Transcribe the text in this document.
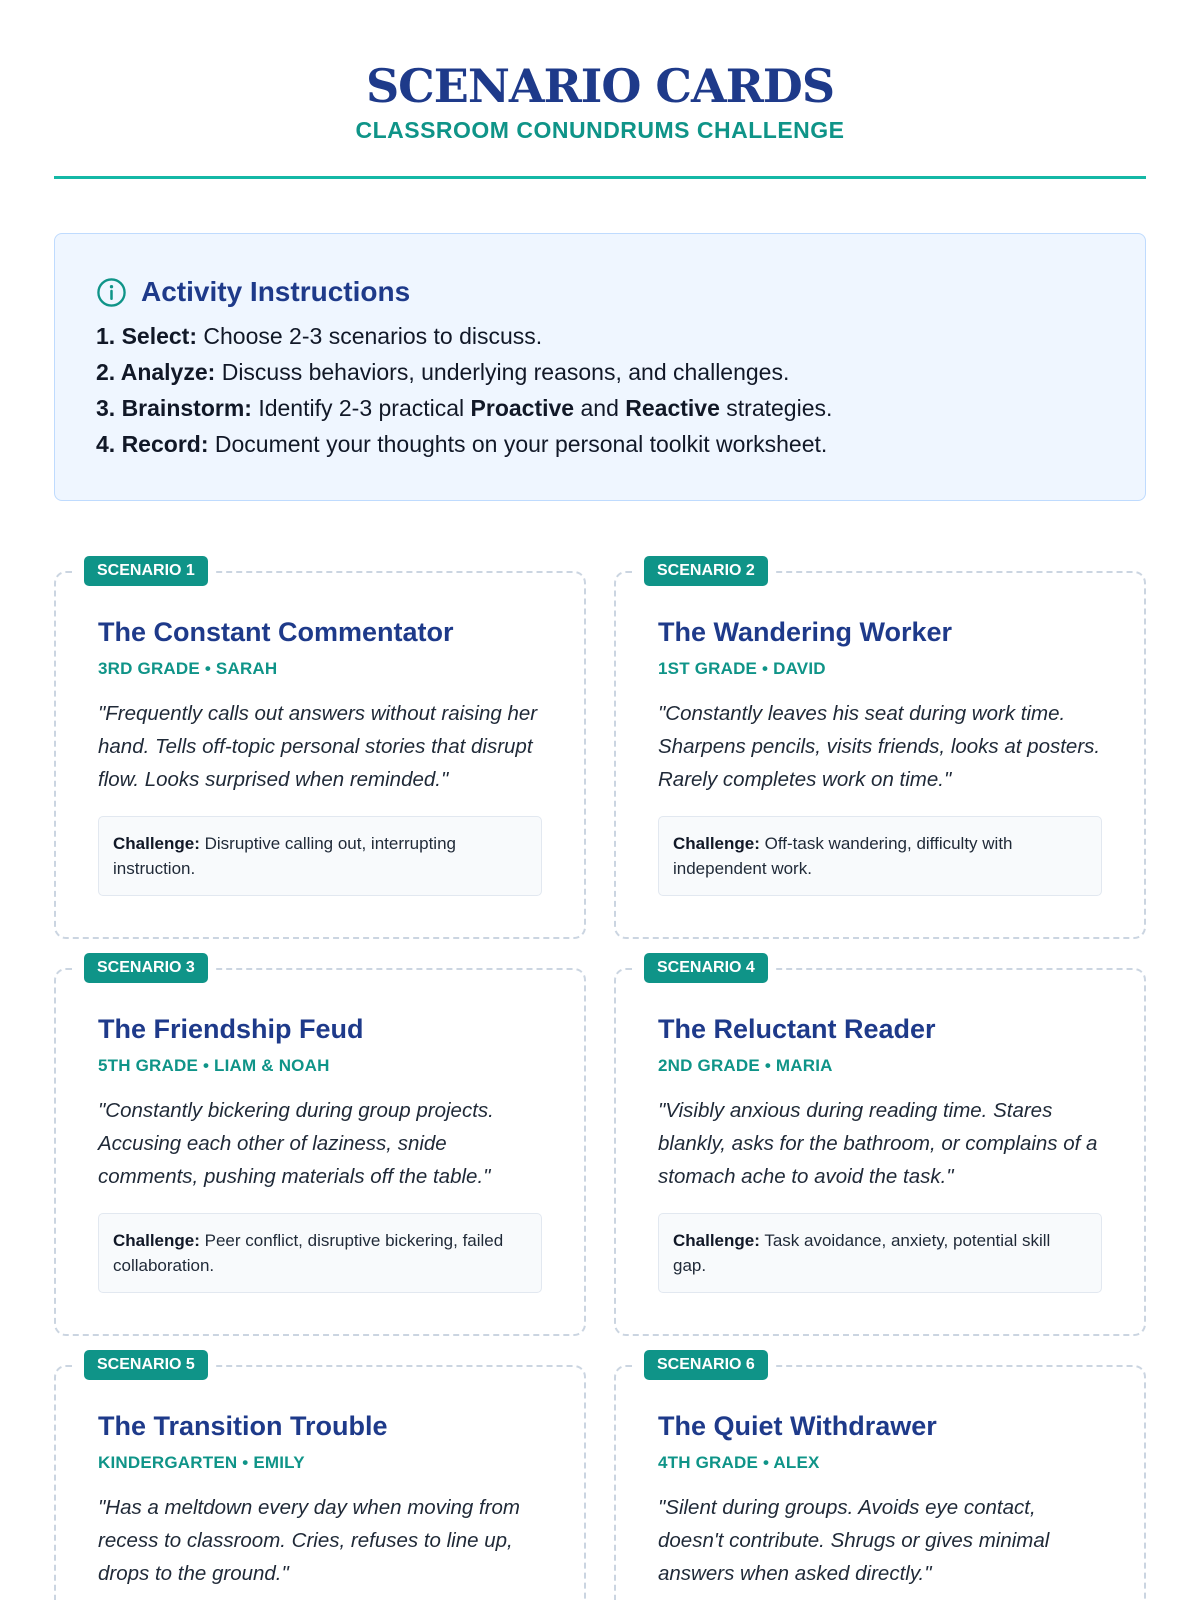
SCENARIO CARDS
CLASSROOM CONUNDRUMS CHALLENGE
Activity Instructions
1. Select: Choose 2-3 scenarios to discuss.
2. Analyze: Discuss behaviors, underlying reasons, and challenges.
3. Brainstorm: Identify 2-3 practical Proactive and Reactive strategies.
4. Record: Document your thoughts on your personal toolkit worksheet.
SCENARIO 1
The Constant Commentator
3RD GRADE • SARAH
"Frequently calls out answers without raising her hand. Tells off-topic personal stories that disrupt flow. Looks surprised when reminded."
Challenge: Disruptive calling out, interrupting instruction.
SCENARIO 2
The Wandering Worker
1ST GRADE • DAVID
"Constantly leaves his seat during work time. Sharpens pencils, visits friends, looks at posters. Rarely completes work on time."
Challenge: Off-task wandering, difficulty with independent work.
SCENARIO 3
The Friendship Feud
5TH GRADE • LIAM & NOAH
"Constantly bickering during group projects. Accusing each other of laziness, snide comments, pushing materials off the table."
Challenge: Peer conflict, disruptive bickering, failed collaboration.
SCENARIO 4
The Reluctant Reader
2ND GRADE • MARIA
"Visibly anxious during reading time. Stares blankly, asks for the bathroom, or complains of a stomach ache to avoid the task."
Challenge: Task avoidance, anxiety, potential skill gap.
SCENARIO 5
The Transition Trouble
KINDERGARTEN • EMILY
"Has a meltdown every day when moving from recess to classroom. Cries, refuses to line up, drops to the ground."
SCENARIO 6
The Quiet Withdrawer
4TH GRADE • ALEX
"Silent during groups. Avoids eye contact, doesn't contribute. Shrugs or gives minimal answers when asked directly."
